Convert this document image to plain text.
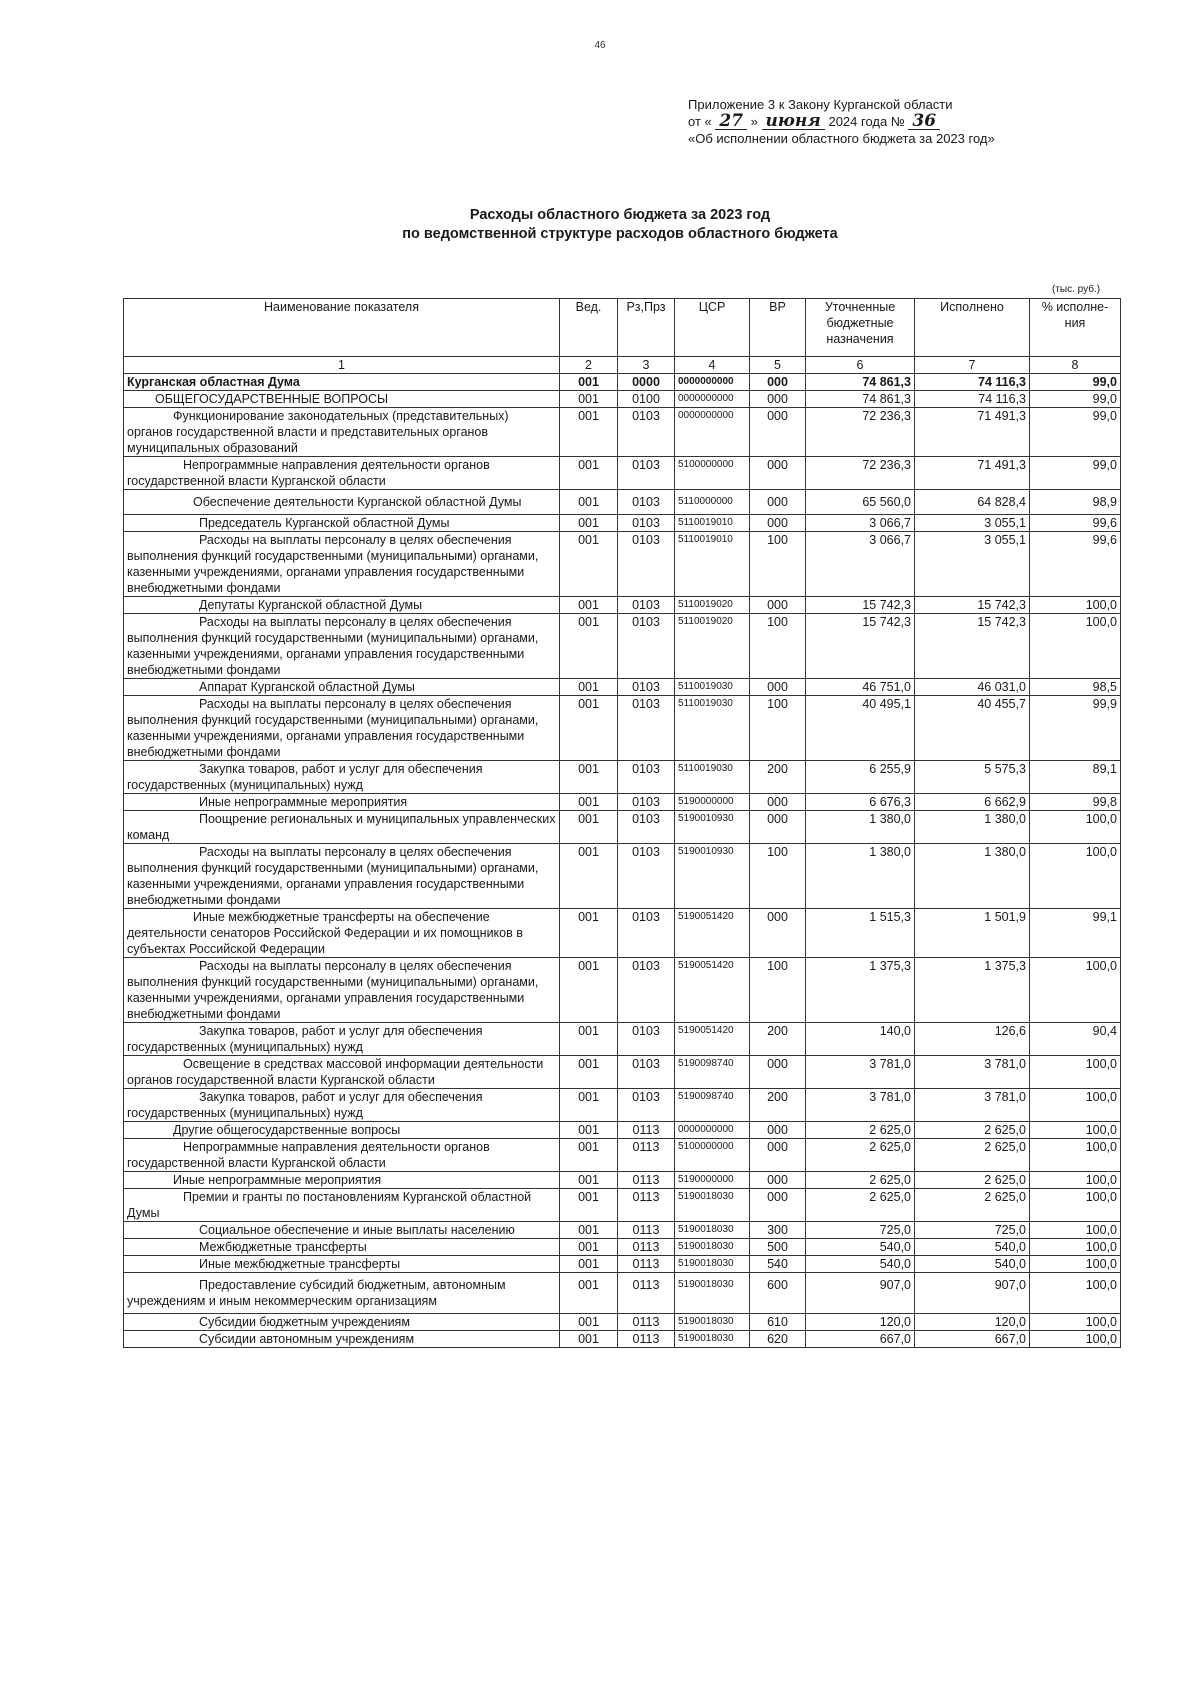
46
Приложение 3 к Закону Курганской области
от « 27 » июня 2024 года № 36
«Об исполнении областного бюджета за 2023 год»
Расходы областного бюджета за 2023 год
по ведомственной структуре расходов областного бюджета
(тыс. руб.)
Наименование показателя	Вед.	Рз,Прз	ЦСР	ВР	Уточненные бюджетные назначения	Исполнено	% исполне-ния
1	2	3	4	5	6	7	8
Курганская областная Дума	001	0000	0000000000	000	74 861,3	74 116,3	99,0
ОБЩЕГОСУДАРСТВЕННЫЕ ВОПРОСЫ	001	0100	0000000000	000	74 861,3	74 116,3	99,0
Функционирование законодательных (представительных) органов государственной власти и представительных органов муниципальных образований	001	0103	0000000000	000	72 236,3	71 491,3	99,0
Непрограммные направления деятельности органов государственной власти Курганской области	001	0103	5100000000	000	72 236,3	71 491,3	99,0
Обеспечение деятельности Курганской областной Думы	001	0103	5110000000	000	65 560,0	64 828,4	98,9
Председатель Курганской областной Думы	001	0103	5110019010	000	3 066,7	3 055,1	99,6
Расходы на выплаты персоналу в целях обеспечения выполнения функций государственными (муниципальными) органами, казенными учреждениями, органами управления государственными внебюджетными фондами	001	0103	5110019010	100	3 066,7	3 055,1	99,6
Депутаты Курганской областной Думы	001	0103	5110019020	000	15 742,3	15 742,3	100,0
Расходы на выплаты персоналу в целях обеспечения выполнения функций государственными (муниципальными) органами, казенными учреждениями, органами управления государственными внебюджетными фондами	001	0103	5110019020	100	15 742,3	15 742,3	100,0
Аппарат Курганской областной Думы	001	0103	5110019030	000	46 751,0	46 031,0	98,5
Расходы на выплаты персоналу в целях обеспечения выполнения функций государственными (муниципальными) органами, казенными учреждениями, органами управления государственными внебюджетными фондами	001	0103	5110019030	100	40 495,1	40 455,7	99,9
Закупка товаров, работ и услуг для обеспечения государственных (муниципальных) нужд	001	0103	5110019030	200	6 255,9	5 575,3	89,1
Иные непрограммные мероприятия	001	0103	5190000000	000	6 676,3	6 662,9	99,8
Поощрение региональных и муниципальных управленческих команд	001	0103	5190010930	000	1 380,0	1 380,0	100,0
Расходы на выплаты персоналу в целях обеспечения выполнения функций государственными (муниципальными) органами, казенными учреждениями, органами управления государственными внебюджетными фондами	001	0103	5190010930	100	1 380,0	1 380,0	100,0
Иные межбюджетные трансферты на обеспечение деятельности сенаторов Российской Федерации и их помощников в субъектах Российской Федерации	001	0103	5190051420	000	1 515,3	1 501,9	99,1
Расходы на выплаты персоналу в целях обеспечения выполнения функций государственными (муниципальными) органами, казенными учреждениями, органами управления государственными внебюджетными фондами	001	0103	5190051420	100	1 375,3	1 375,3	100,0
Закупка товаров, работ и услуг для обеспечения государственных (муниципальных) нужд	001	0103	5190051420	200	140,0	126,6	90,4
Освещение в средствах массовой информации деятельности органов государственной власти Курганской области	001	0103	5190098740	000	3 781,0	3 781,0	100,0
Закупка товаров, работ и услуг для обеспечения государственных (муниципальных) нужд	001	0103	5190098740	200	3 781,0	3 781,0	100,0
Другие общегосударственные вопросы	001	0113	0000000000	000	2 625,0	2 625,0	100,0
Непрограммные направления деятельности органов государственной власти Курганской области	001	0113	5100000000	000	2 625,0	2 625,0	100,0
Иные непрограммные мероприятия	001	0113	5190000000	000	2 625,0	2 625,0	100,0
Премии и гранты по постановлениям Курганской областной Думы	001	0113	5190018030	000	2 625,0	2 625,0	100,0
Социальное обеспечение и иные выплаты населению	001	0113	5190018030	300	725,0	725,0	100,0
Межбюджетные трансферты	001	0113	5190018030	500	540,0	540,0	100,0
Иные межбюджетные трансферты	001	0113	5190018030	540	540,0	540,0	100,0
Предоставление субсидий бюджетным, автономным учреждениям и иным некоммерческим организациям	001	0113	5190018030	600	907,0	907,0	100,0
Субсидии бюджетным учреждениям	001	0113	5190018030	610	120,0	120,0	100,0
Субсидии автономным учреждениям	001	0113	5190018030	620	667,0	667,0	100,0
